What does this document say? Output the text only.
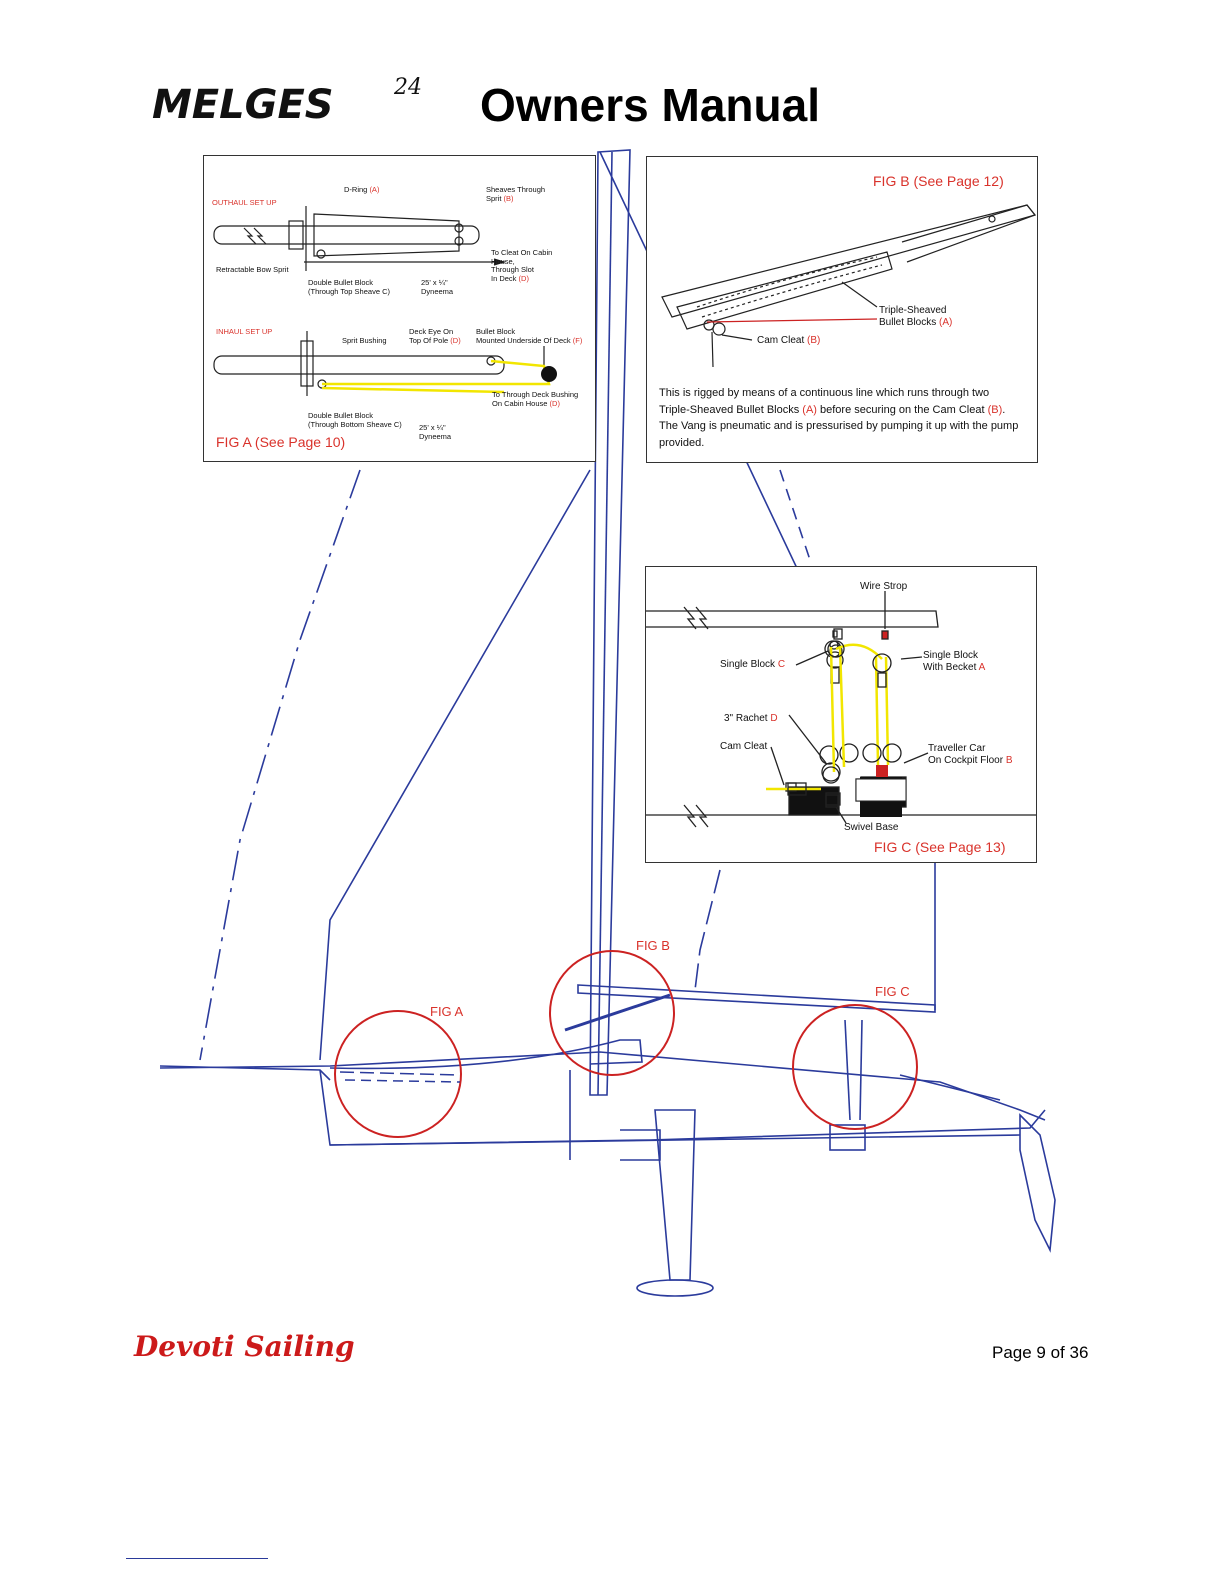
MELGES	24 Owners Manual
OUTHAUL SET UP
D-Ring (A)	Sheaves Through
Sprit (B)
To Cleat On Cabin
House,
Through Slot
In Deck (D)
Retractable Bow Sprit
Double Bullet Block
(Through Top Sheave C)
25' x ¼"
Dyneema
INHAUL SET UP
Sprit Bushing
Deck Eye On
Top Of Pole (D)
Bullet Block
Mounted Underside Of Deck (F)
To Through Deck Bushing
On Cabin House (D)
Double Bullet Block
(Through Bottom Sheave C) 25' x ¼"
Dyneema
FIG A (See Page 10)
FIG B (See Page 12)
Triple-Sheaved
Bullet Blocks (A)
Cam Cleat (B)
This is rigged by means of a continuous line which runs through two Triple-Sheaved Bullet Blocks (A) before securing on the Cam Cleat (B). The Vang is pneumatic and is pressurised by pumping it up with the pump provided.
Wire Strop
Single Block C
Single Block
With Becket A
3" Rachet D
Cam Cleat	Traveller Car
On Cockpit Floor B
Swivel Base
FIG C (See Page 13)
FIG A
FIG B
FIG C
Devoti Sailing	Page 9 of 36
